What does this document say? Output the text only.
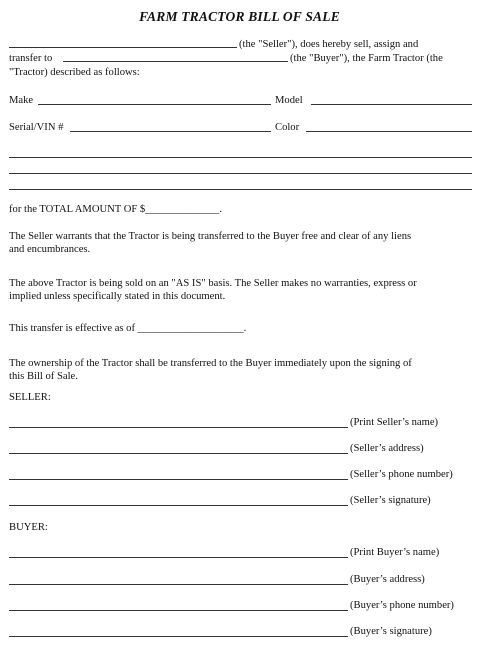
FARM TRACTOR BILL OF SALE
(the "Seller"), does hereby sell, assign and
transfer to	(the "Buyer"), the Farm Tractor (the
"Tractor) described as follows:
Make	Model
Serial/VIN #	Color
for the TOTAL AMOUNT OF $______________.
The Seller warrants that the Tractor is being transferred to the Buyer free and clear of any liens
and encumbrances.
The above Tractor is being sold on an "AS IS" basis. The Seller makes no warranties, express or
implied unless specifically stated in this document.
This transfer is effective as of ____________________.
The ownership of the Tractor shall be transferred to the Buyer immediately upon the signing of
this Bill of Sale.
SELLER:
(Print Seller’s name)
(Seller’s address)
(Seller’s phone number)
(Seller’s signature)
BUYER:
(Print Buyer’s name)
(Buyer’s address)
(Buyer’s phone number)
(Buyer’s signature)
